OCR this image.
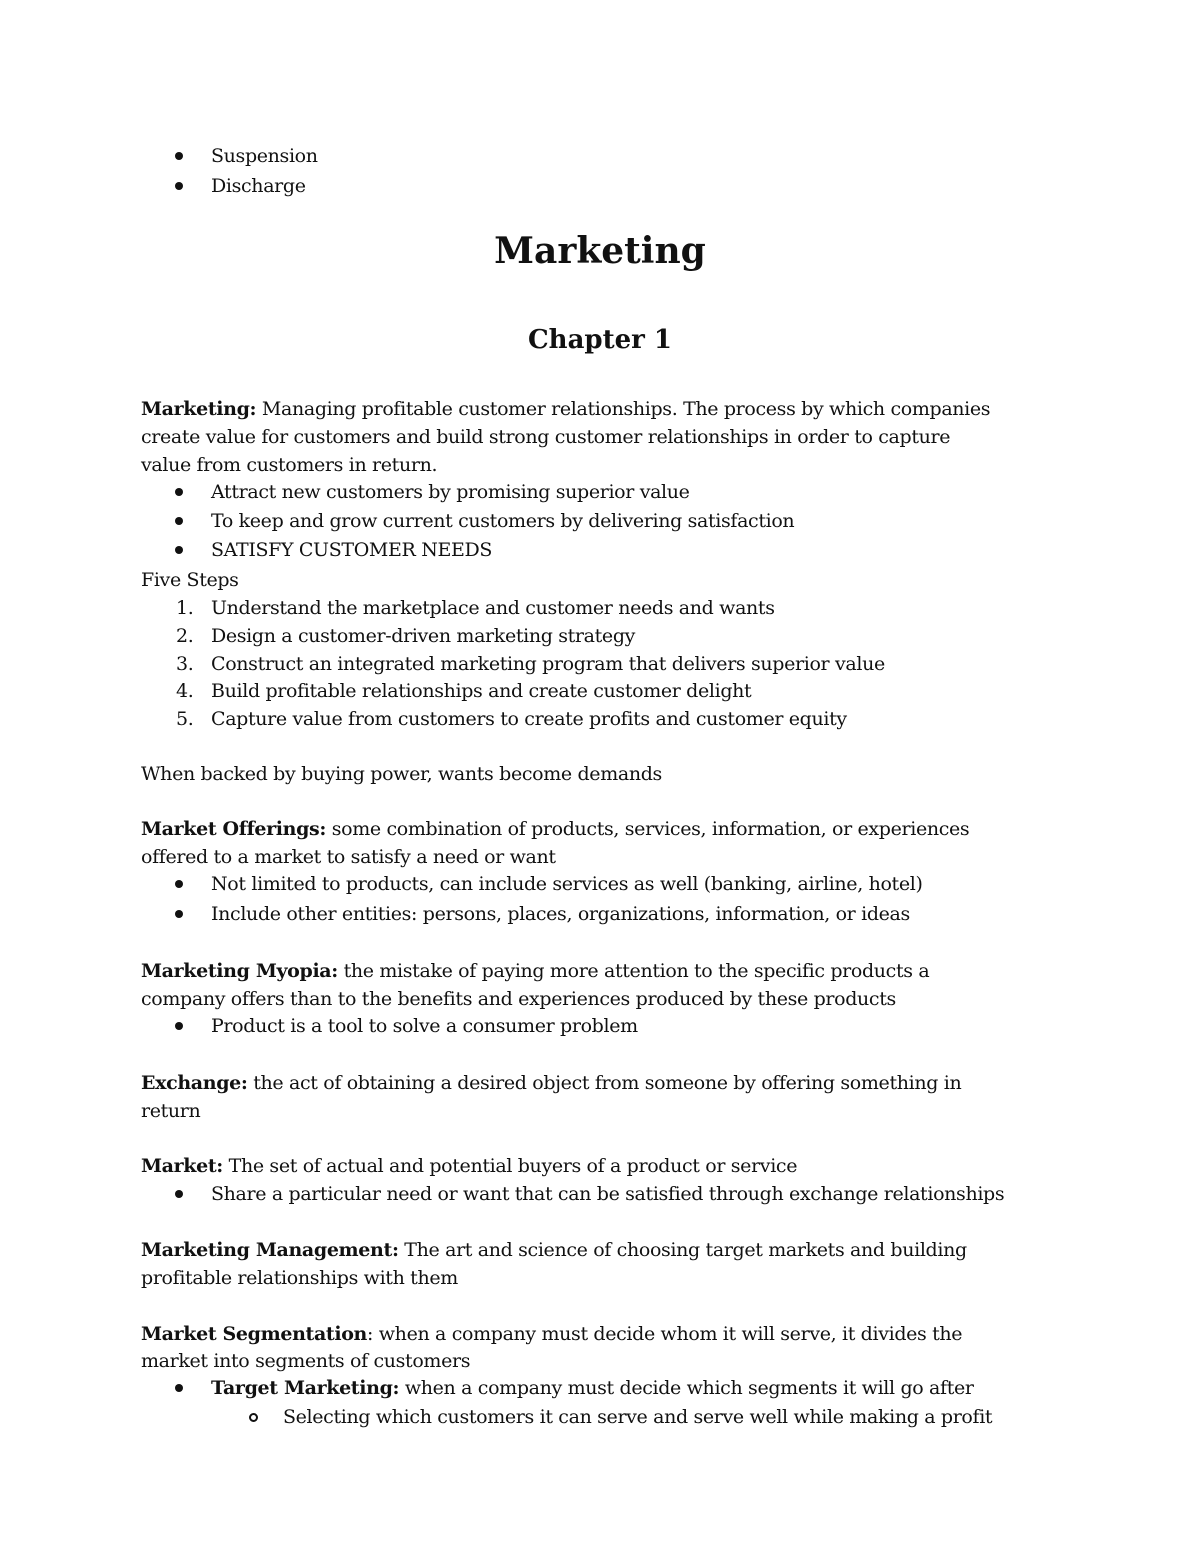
Suspension
Discharge
Marketing
Chapter 1
Marketing: Managing profitable customer relationships. The process by which companies
create value for customers and build strong customer relationships in order to capture
value from customers in return.
Attract new customers by promising superior value
To keep and grow current customers by delivering satisfaction
SATISFY CUSTOMER NEEDS
Five Steps
1. Understand the marketplace and customer needs and wants
2. Design a customer-driven marketing strategy
3. Construct an integrated marketing program that delivers superior value
4. Build profitable relationships and create customer delight
5. Capture value from customers to create profits and customer equity
When backed by buying power, wants become demands
Market Offerings: some combination of products, services, information, or experiences
offered to a market to satisfy a need or want
Not limited to products, can include services as well (banking, airline, hotel)
Include other entities: persons, places, organizations, information, or ideas
Marketing Myopia: the mistake of paying more attention to the specific products a
company offers than to the benefits and experiences produced by these products
Product is a tool to solve a consumer problem
Exchange: the act of obtaining a desired object from someone by offering something in
return
Market: The set of actual and potential buyers of a product or service
Share a particular need or want that can be satisfied through exchange relationships
Marketing Management: The art and science of choosing target markets and building
profitable relationships with them
Market Segmentation: when a company must decide whom it will serve, it divides the
market into segments of customers
Target Marketing: when a company must decide which segments it will go after
Selecting which customers it can serve and serve well while making a profit
